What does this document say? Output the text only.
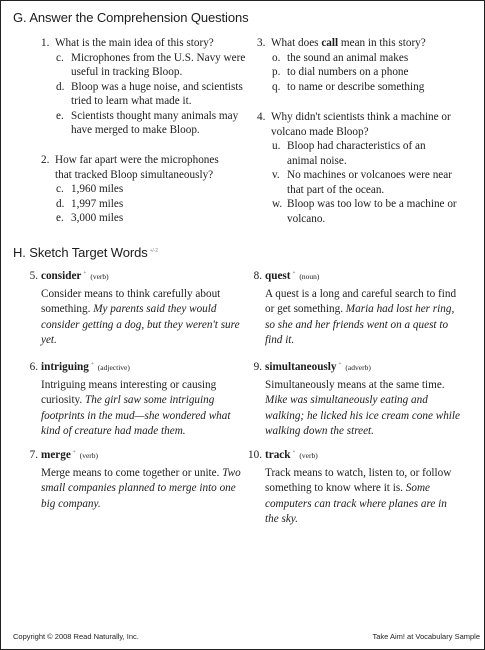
G. Answer the Comprehension Questions
1. What is the main idea of this story?
c. Microphones from the U.S. Navy were useful in tracking Bloop.
d. Bloop was a huge noise, and scientists tried to learn what made it.
e. Scientists thought many animals may have merged to make Bloop.
2. How far apart were the microphones that tracked Bloop simultaneously?
c. 1,960 miles
d. 1,997 miles
e. 3,000 miles
3. What does call mean in this story?
o. the sound an animal makes
p. to dial numbers on a phone
q. to name or describe something
4. Why didn't scientists think a machine or volcano made Bloop?
u. Bloop had characteristics of an animal noise.
v. No machines or volcanoes were near that part of the ocean.
w. Bloop was too low to be a machine or volcano.
H. Sketch Target Words $^{+/-2}$
5. consider + (verb)
Consider means to think carefully about something. My parents said they would consider getting a dog, but they weren't sure yet.
6. intriguing + (adjective)
Intriguing means interesting or causing curiosity. The girl saw some intriguing footprints in the mud—she wondered what kind of creature had made them.
7. merge + (verb)
Merge means to come together or unite. Two small companies planned to merge into one big company.
8. quest + (noun)
A quest is a long and careful search to find or get something. Maria had lost her ring, so she and her friends went on a quest to find it.
9. simultaneously + (adverb)
Simultaneously means at the same time. Mike was simultaneously eating and walking; he licked his ice cream cone while walking down the street.
10. track + (verb)
Track means to watch, listen to, or follow something to know where it is. Some computers can track where planes are in the sky.
Copyright © 2008 Read Naturally, Inc.	Take Aim! at Vocabulary Sample
